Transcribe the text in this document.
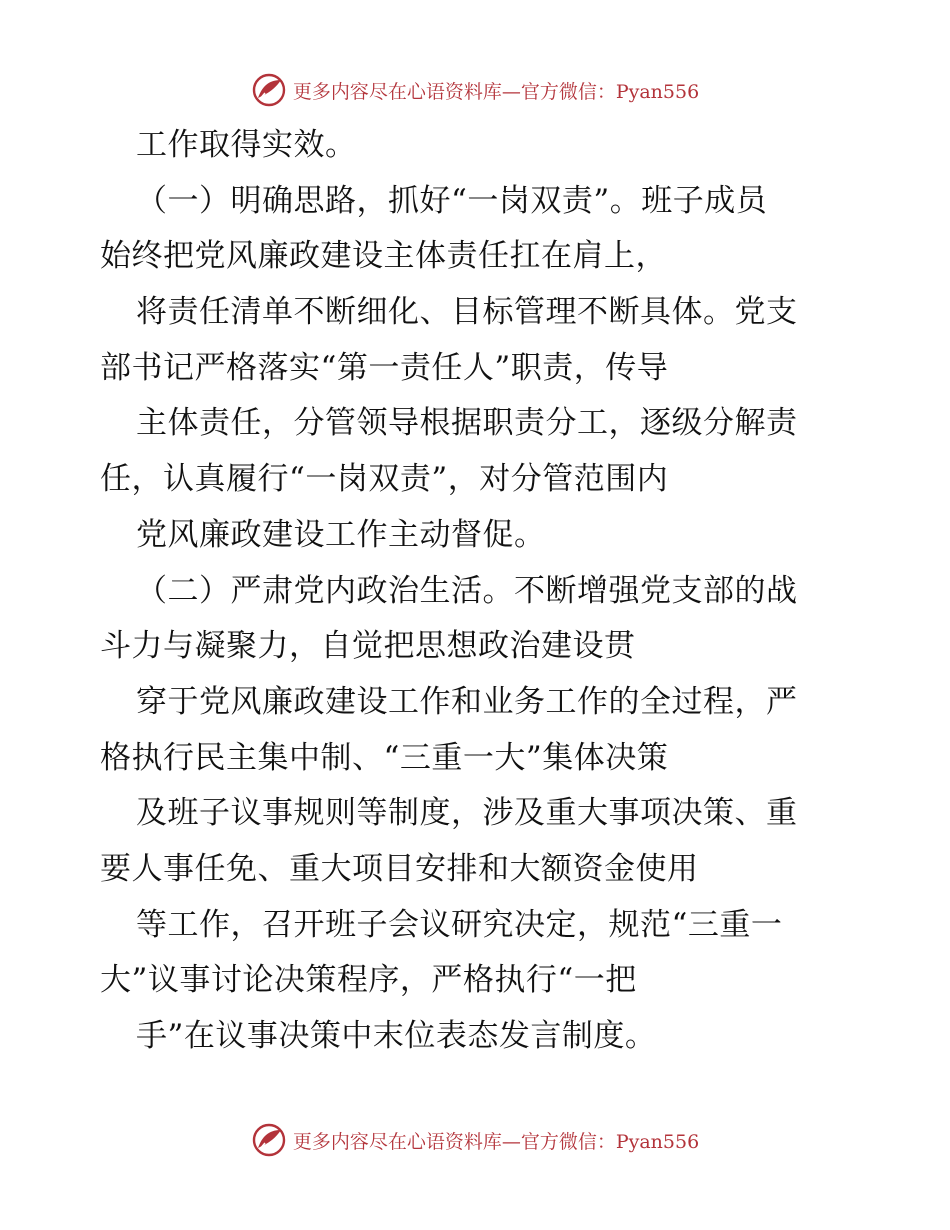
更多内容尽在心语资料库—官方微信：Pyan556
工作取得实效。
（一）明确思路，抓好“一岗双责”。班子成员
始终把党风廉政建设主体责任扛在肩上，
将责任清单不断细化、目标管理不断具体。党支
部书记严格落实“第一责任人”职责，传导
主体责任，分管领导根据职责分工，逐级分解责
任，认真履行“一岗双责”，对分管范围内
党风廉政建设工作主动督促。
（二）严肃党内政治生活。不断增强党支部的战
斗力与凝聚力，自觉把思想政治建设贯
穿于党风廉政建设工作和业务工作的全过程，严
格执行民主集中制、“三重一大”集体决策
及班子议事规则等制度，涉及重大事项决策、重
要人事任免、重大项目安排和大额资金使用
等工作，召开班子会议研究决定，规范“三重一
大”议事讨论决策程序，严格执行“一把
手”在议事决策中末位表态发言制度。
更多内容尽在心语资料库—官方微信：Pyan556
